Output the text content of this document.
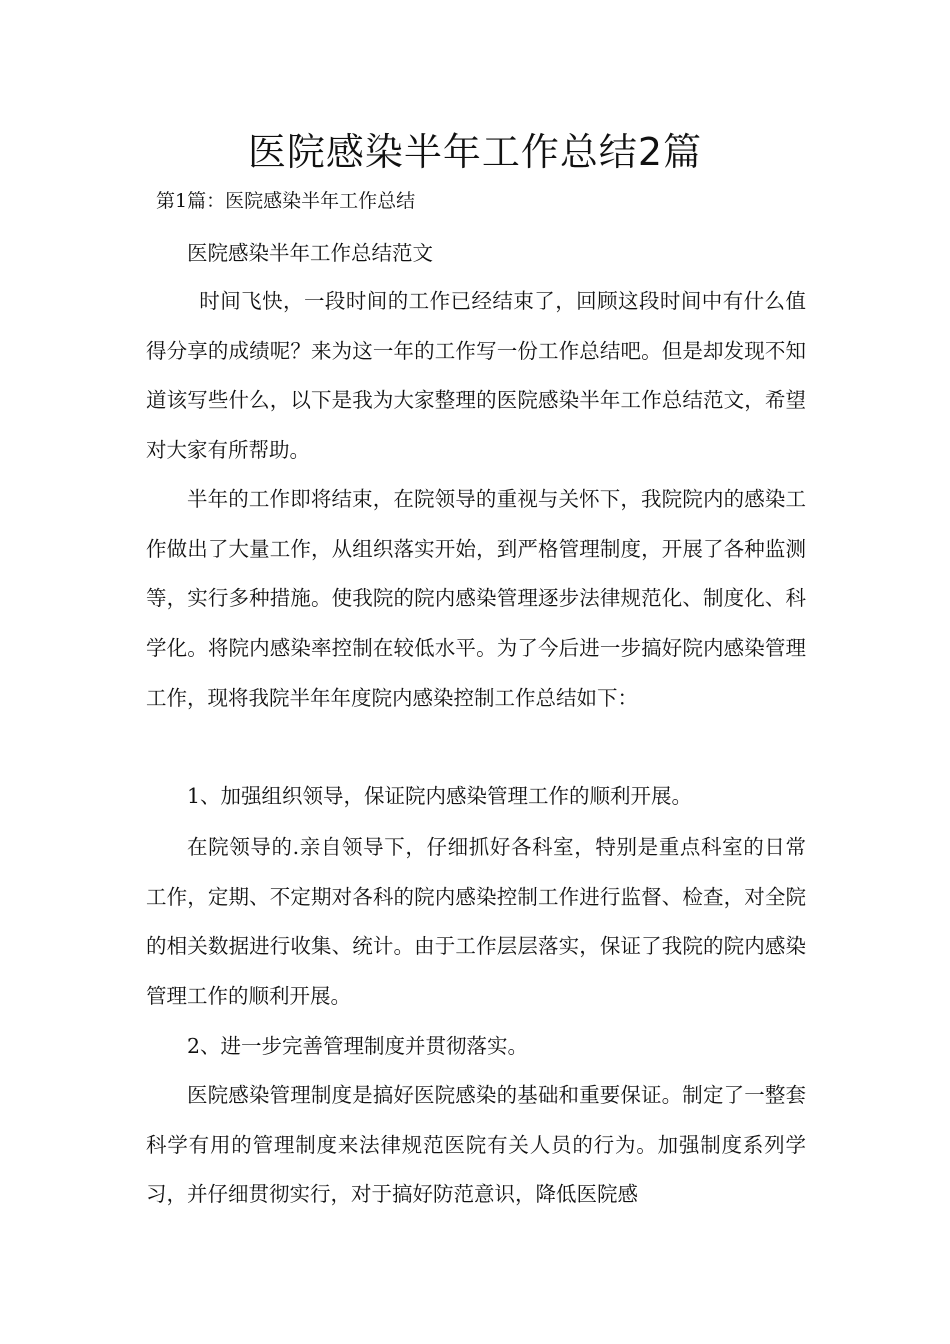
医院感染半年工作总结2篇

第1篇：医院感染半年工作总结

医院感染半年工作总结范文

时间飞快，一段时间的工作已经结束了，回顾这段时间中有什么值得分享的成绩呢？来为这一年的工作写一份工作总结吧。但是却发现不知道该写些什么，以下是我为大家整理的医院感染半年工作总结范文，希望对大家有所帮助。

半年的工作即将结束，在院领导的重视与关怀下，我院院内的感染工作做出了大量工作，从组织落实开始，到严格管理制度，开展了各种监测等，实行多种措施。使我院的院内感染管理逐步法律规范化、制度化、科学化。将院内感染率控制在较低水平。为了今后进一步搞好院内感染管理工作，现将我院半年年度院内感染控制工作总结如下：

1、加强组织领导，保证院内感染管理工作的顺利开展。

在院领导的.亲自领导下，仔细抓好各科室，特别是重点科室的日常工作，定期、不定期对各科的院内感染控制工作进行监督、检查，对全院的相关数据进行收集、统计。由于工作层层落实，保证了我院的院内感染管理工作的顺利开展。

2、进一步完善管理制度并贯彻落实。

医院感染管理制度是搞好医院感染的基础和重要保证。制定了一整套科学有用的管理制度来法律规范医院有关人员的行为。加强制度系列学习，并仔细贯彻实行，对于搞好防范意识，降低医院感
